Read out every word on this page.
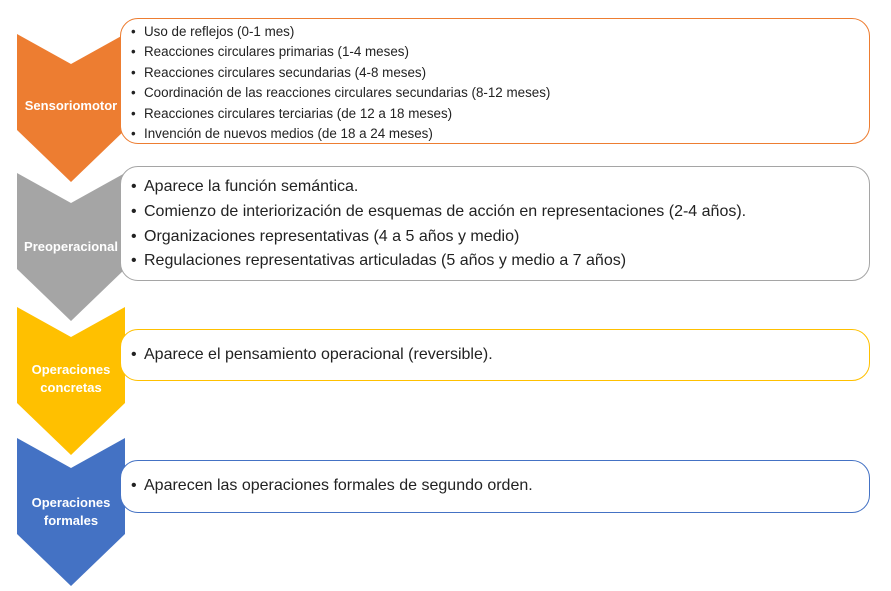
Sensoriomotor
• Uso de reflejos (0-1 mes)
• Reacciones circulares primarias (1-4 meses)
• Reacciones circulares secundarias (4-8 meses)
• Coordinación de las reacciones circulares secundarias (8-12 meses)
• Reacciones circulares terciarias (de 12 a 18 meses)
• Invención de nuevos medios (de 18 a 24 meses)
Preoperacional
• Aparece la función semántica.
• Comienzo de interiorización de esquemas de acción en representaciones (2-4 años).
• Organizaciones representativas (4 a 5 años y medio)
• Regulaciones representativas articuladas (5 años y medio a 7 años)
Operaciones
concretas
• Aparece el pensamiento operacional (reversible).
Operaciones
formales
• Aparecen las operaciones formales de segundo orden.
